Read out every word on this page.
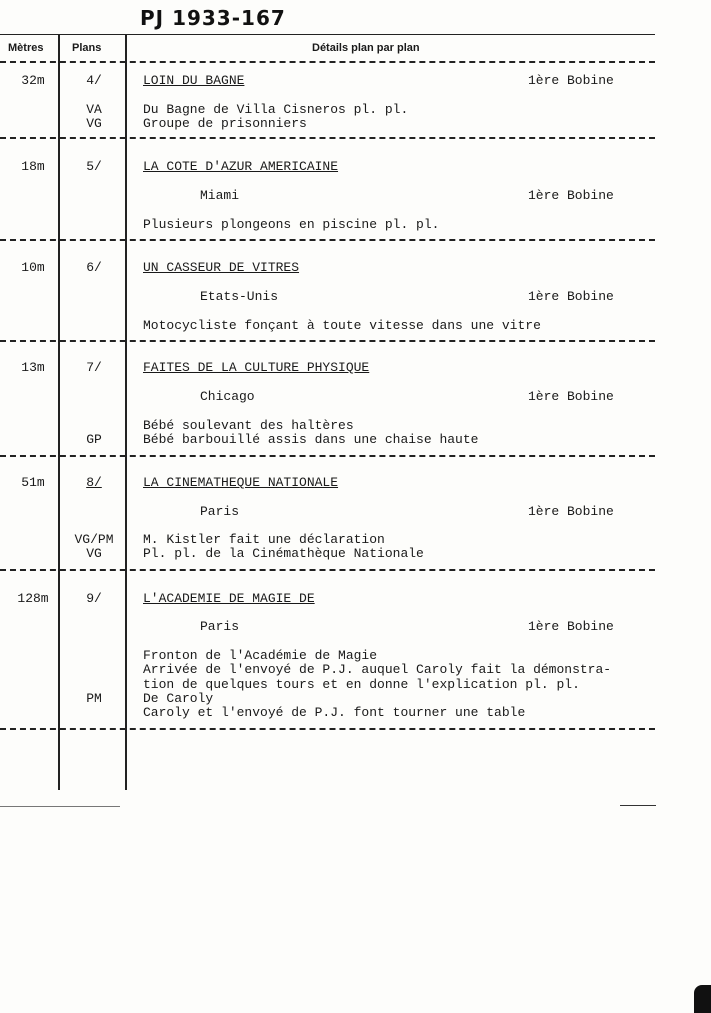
PJ 1933-167
Mètres	Plans	Détails plan par plan
32m	4/	LOIN DU BAGNE	1ère Bobine
VA	Du Bagne de Villa Cisneros pl. pl.
VG	Groupe de prisonniers
18m	5/	LA COTE D'AZUR AMERICAINE
Miami	1ère Bobine
Plusieurs plongeons en piscine pl. pl.
10m	6/	UN CASSEUR DE VITRES
Etats-Unis	1ère Bobine
Motocycliste fonçant à toute vitesse dans une vitre
13m	7/	FAITES DE LA CULTURE PHYSIQUE
Chicago	1ère Bobine
Bébé soulevant des haltères
GP	Bébé barbouillé assis dans une chaise haute
51m	8/	LA CINEMATHEQUE NATIONALE
Paris	1ère Bobine
VG/PM	M. Kistler fait une déclaration
VG	Pl. pl. de la Cinémathèque Nationale
128m	9/	L'ACADEMIE DE MAGIE DE
Paris	1ère Bobine
Fronton de l'Académie de Magie
Arrivée de l'envoyé de P.J. auquel Caroly fait la démonstra-
tion de quelques tours et en donne l'explication pl. pl.
PM	De Caroly
Caroly et l'envoyé de P.J. font tourner une table
